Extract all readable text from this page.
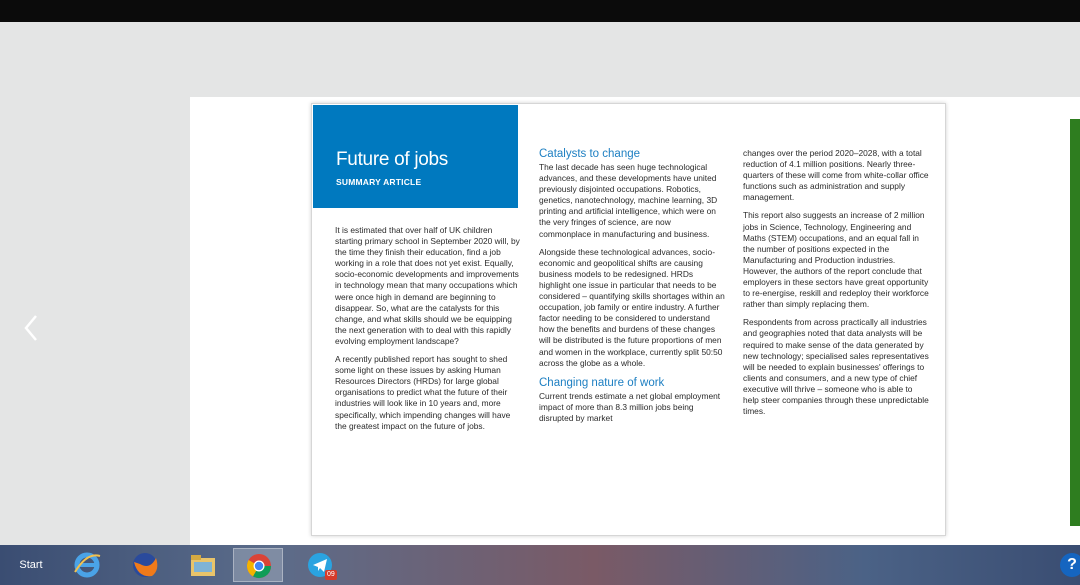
Future of jobs
SUMMARY ARTICLE

It is estimated that over half of UK children starting primary school in September 2020 will, by the time they finish their education, find a job working in a role that does not yet exist. Equally, socio-economic developments and improvements in technology mean that many occupations which were once high in demand are beginning to disappear. So, what are the catalysts for this change, and what skills should we be equipping the next generation with to deal with this rapidly evolving employment landscape?

A recently published report has sought to shed some light on these issues by asking Human Resources Directors (HRDs) for large global organisations to predict what the future of their industries will look like in 10 years and, more specifically, which impending changes will have the greatest impact on the future of jobs.

Catalysts to change

The last decade has seen huge technological advances, and these developments have united previously disjointed occupations. Robotics, genetics, nanotechnology, machine learning, 3D printing and artificial intelligence, which were on the very fringes of science, are now commonplace in manufacturing and business.

Alongside these technological advances, socio-economic and geopolitical shifts are causing business models to be redesigned. HRDs highlight one issue in particular that needs to be considered – quantifying skills shortages within an occupation, job family or entire industry. A further factor needing to be considered to understand how the benefits and burdens of these changes will be distributed is the future proportions of men and women in the workplace, currently split 50:50 across the globe as a whole.

Changing nature of work

Current trends estimate a net global employment impact of more than 8.3 million jobs being disrupted by market

changes over the period 2020–2028, with a total reduction of 4.1 million positions. Nearly three-quarters of these will come from white-collar office functions such as administration and supply management.

This report also suggests an increase of 2 million jobs in Science, Technology, Engineering and Maths (STEM) occupations, and an equal fall in the number of positions expected in the Manufacturing and Production industries. However, the authors of the report conclude that employers in these sectors have great opportunity to re-energise, reskill and redeploy their workforce rather than simply replacing them.

Respondents from across practically all industries and geographies noted that data analysts will be required to make sense of the data generated by new technology; specialised sales representatives will be needed to explain businesses' offerings to clients and consumers, and a new type of chief executive will thrive – someone who is able to help steer companies through these unpredictable times.

Start
09
?
